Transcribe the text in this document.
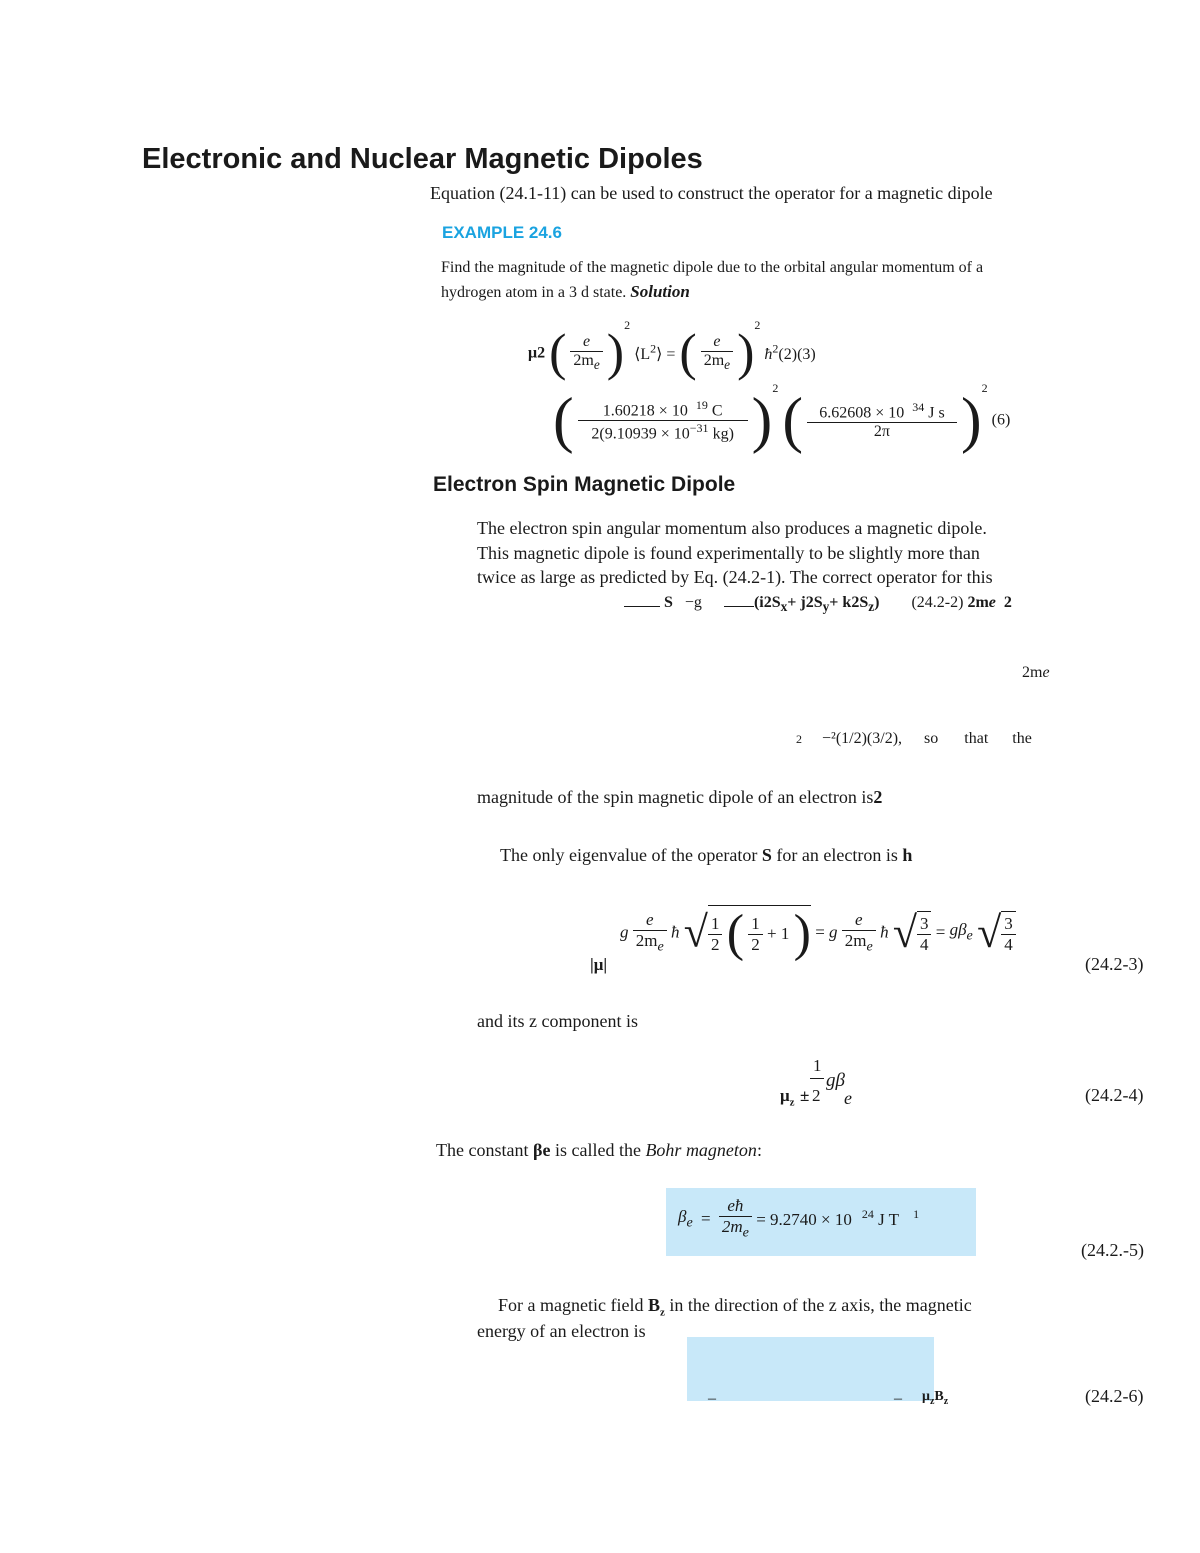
Electronic and Nuclear Magnetic Dipoles
Equation (24.1-11) can be used to construct the operator for a magnetic dipole
EXAMPLE 24.6
Find the magnitude of the magnetic dipole due to the orbital angular momentum of a
hydrogen atom in a 3 d state. Solution
μ2 ( $\frac{e}{2m_e} )^2$ $⟨L^2⟩$ = ( $\frac{e}{2m_e} )^2$ $ħ^2(2)(3)$
( $\frac{1.60218 \times 10 ^{19} C}{2(9.10939 \times 10^{-31} kg)} )^2$ ( $\frac{6.62608 \times 10 ^{34} J s}{2\pi} )^2$ (6)
Electron Spin Magnetic Dipole
The electron spin angular momentum also produces a magnetic dipole.
This magnetic dipole is found experimentally to be slightly more than
twice as large as predicted by Eq. (24.2-1). The correct operator for this
S −g	$(i2S_x+ j2S_y+ k2S_z)$ (24.2-2) 2me 2
2me
2 −²(1/2)(3/2), so that the
magnitude of the spin magnetic dipole of an electron is2
The only eigenvalue of the operator S for an electron is h
|μ|
g $\frac{e}{2m_e}$ ħ √ $\frac{1}{2}$ ( $\frac{1}{2} + 1$ ) = g $\frac{e}{2m_e}$ ħ √ $\frac{3}{4} = g\beta_e$ √ $\frac{3}{4}$
(24.2-3)
and its z component is
$\mu_z$ ±
1
2
gβ
e	(24.2-4)
The constant βe is called the Bohr magneton:
$\beta_e = \frac{eħ}{2m_e} = 9.2740 \times 10$ $^{24}$ J T $^1$
(24.2.-5)
For a magnetic field $B_z$ in the direction of the z axis, the magnetic
energy of an electron is
–	– $\mu_zB_z$	(24.2-6)
